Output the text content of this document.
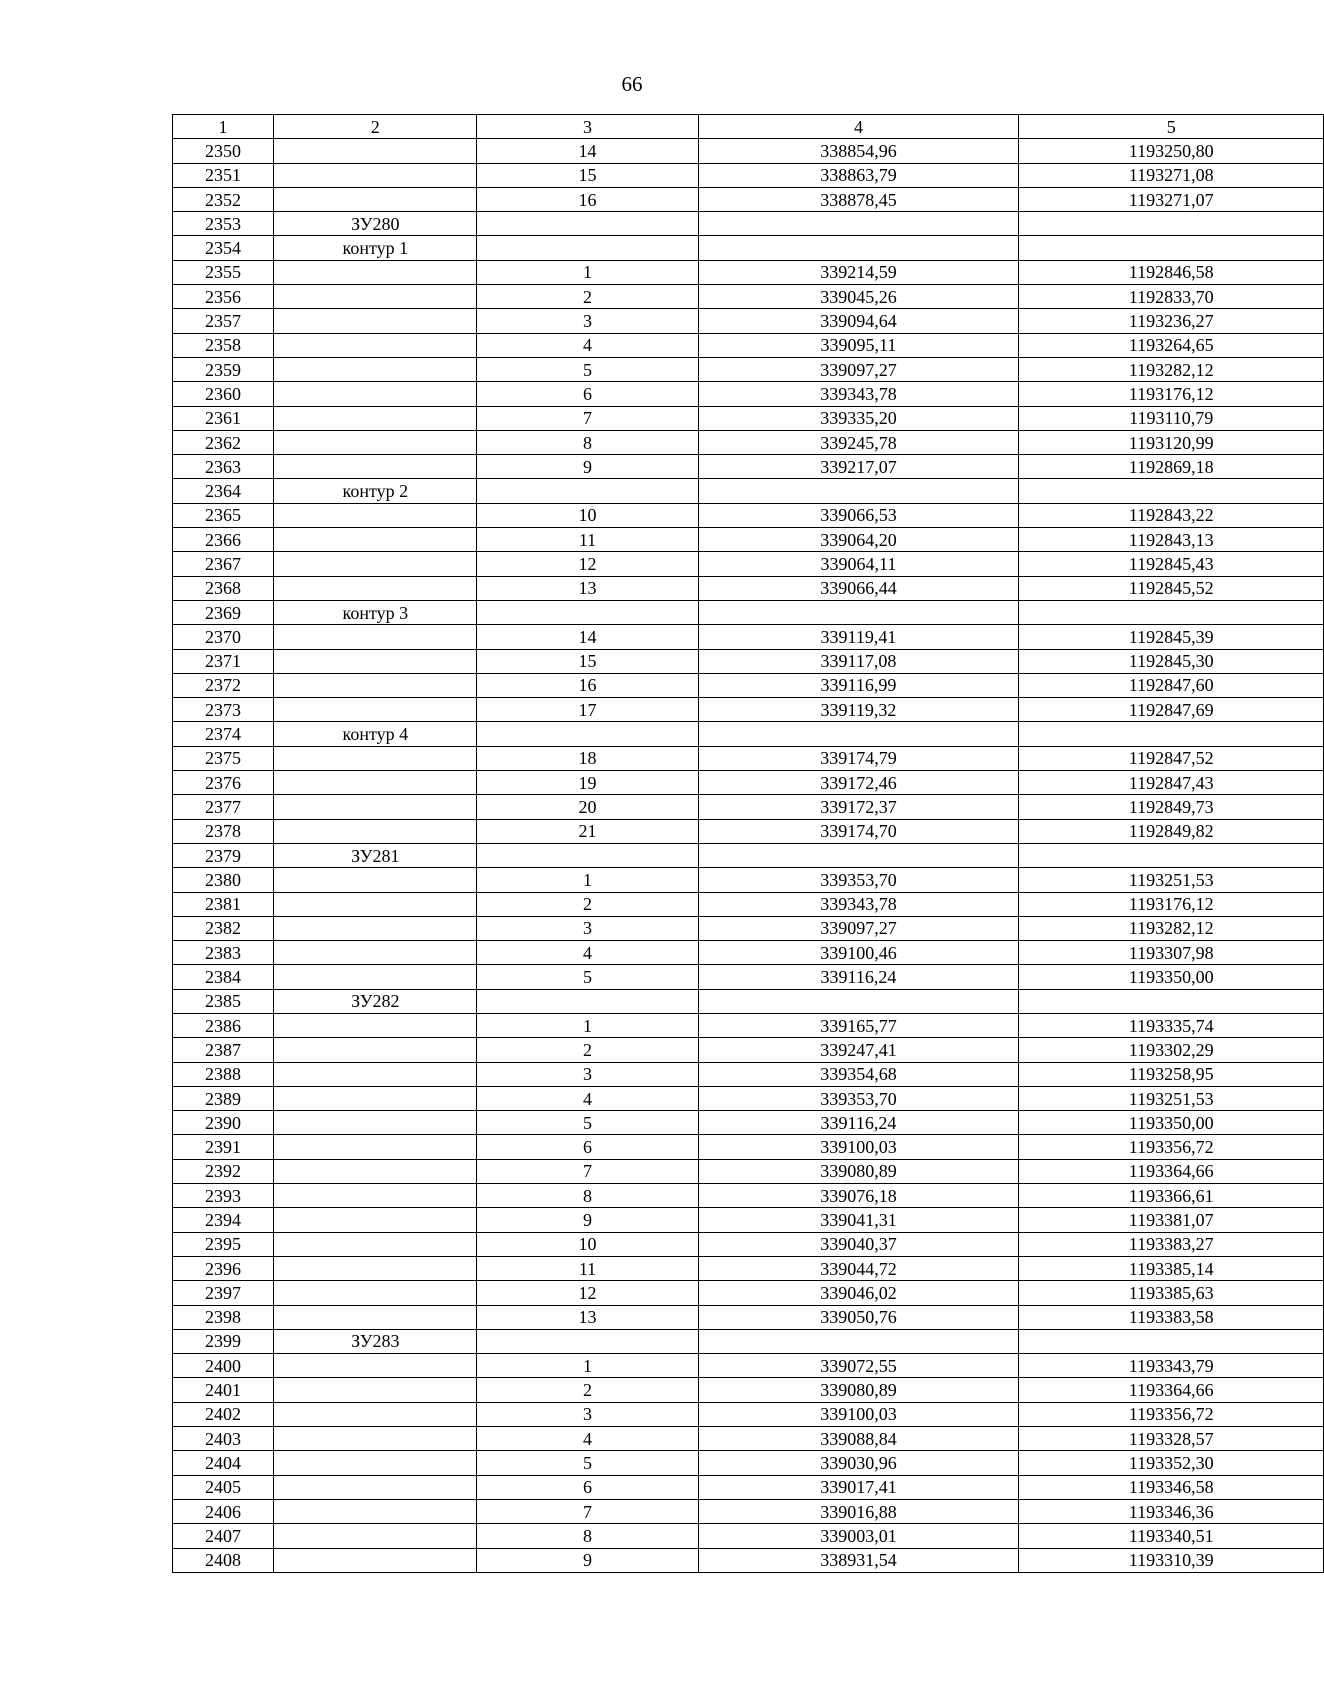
66
1	2	3	4	5
2350		14	338854,96	1193250,80
2351		15	338863,79	1193271,08
2352		16	338878,45	1193271,07
2353	ЗУ280			
2354	контур 1			
2355		1	339214,59	1192846,58
2356		2	339045,26	1192833,70
2357		3	339094,64	1193236,27
2358		4	339095,11	1193264,65
2359		5	339097,27	1193282,12
2360		6	339343,78	1193176,12
2361		7	339335,20	1193110,79
2362		8	339245,78	1193120,99
2363		9	339217,07	1192869,18
2364	контур 2			
2365		10	339066,53	1192843,22
2366		11	339064,20	1192843,13
2367		12	339064,11	1192845,43
2368		13	339066,44	1192845,52
2369	контур 3			
2370		14	339119,41	1192845,39
2371		15	339117,08	1192845,30
2372		16	339116,99	1192847,60
2373		17	339119,32	1192847,69
2374	контур 4			
2375		18	339174,79	1192847,52
2376		19	339172,46	1192847,43
2377		20	339172,37	1192849,73
2378		21	339174,70	1192849,82
2379	ЗУ281			
2380		1	339353,70	1193251,53
2381		2	339343,78	1193176,12
2382		3	339097,27	1193282,12
2383		4	339100,46	1193307,98
2384		5	339116,24	1193350,00
2385	ЗУ282			
2386		1	339165,77	1193335,74
2387		2	339247,41	1193302,29
2388		3	339354,68	1193258,95
2389		4	339353,70	1193251,53
2390		5	339116,24	1193350,00
2391		6	339100,03	1193356,72
2392		7	339080,89	1193364,66
2393		8	339076,18	1193366,61
2394		9	339041,31	1193381,07
2395		10	339040,37	1193383,27
2396		11	339044,72	1193385,14
2397		12	339046,02	1193385,63
2398		13	339050,76	1193383,58
2399	ЗУ283			
2400		1	339072,55	1193343,79
2401		2	339080,89	1193364,66
2402		3	339100,03	1193356,72
2403		4	339088,84	1193328,57
2404		5	339030,96	1193352,30
2405		6	339017,41	1193346,58
2406		7	339016,88	1193346,36
2407		8	339003,01	1193340,51
2408		9	338931,54	1193310,39
